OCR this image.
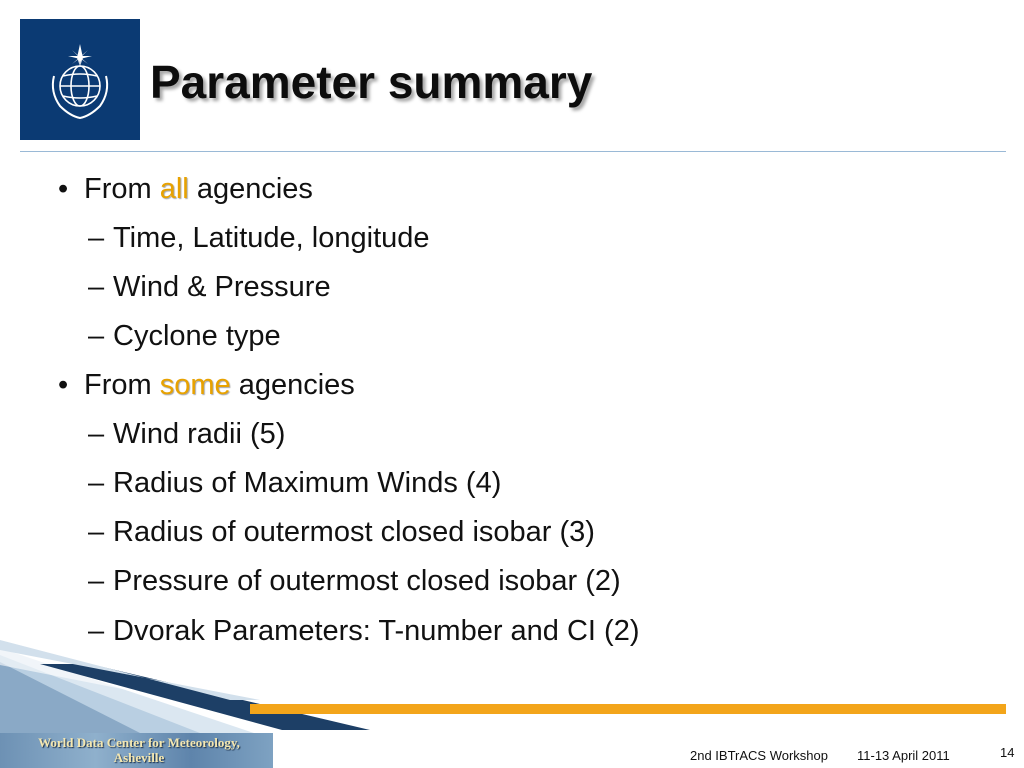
Parameter summary
• From all agencies
– Time, Latitude, longitude
– Wind & Pressure
– Cyclone type
• From some agencies
– Wind radii (5)
– Radius of Maximum Winds (4)
– Radius of outermost closed isobar (3)
– Pressure of outermost closed isobar (2)
– Dvorak Parameters: T-number and CI (2)
World Data Center for Meteorology,
Asheville	2nd IBTrACS Workshop 11-13 April 2011	14
